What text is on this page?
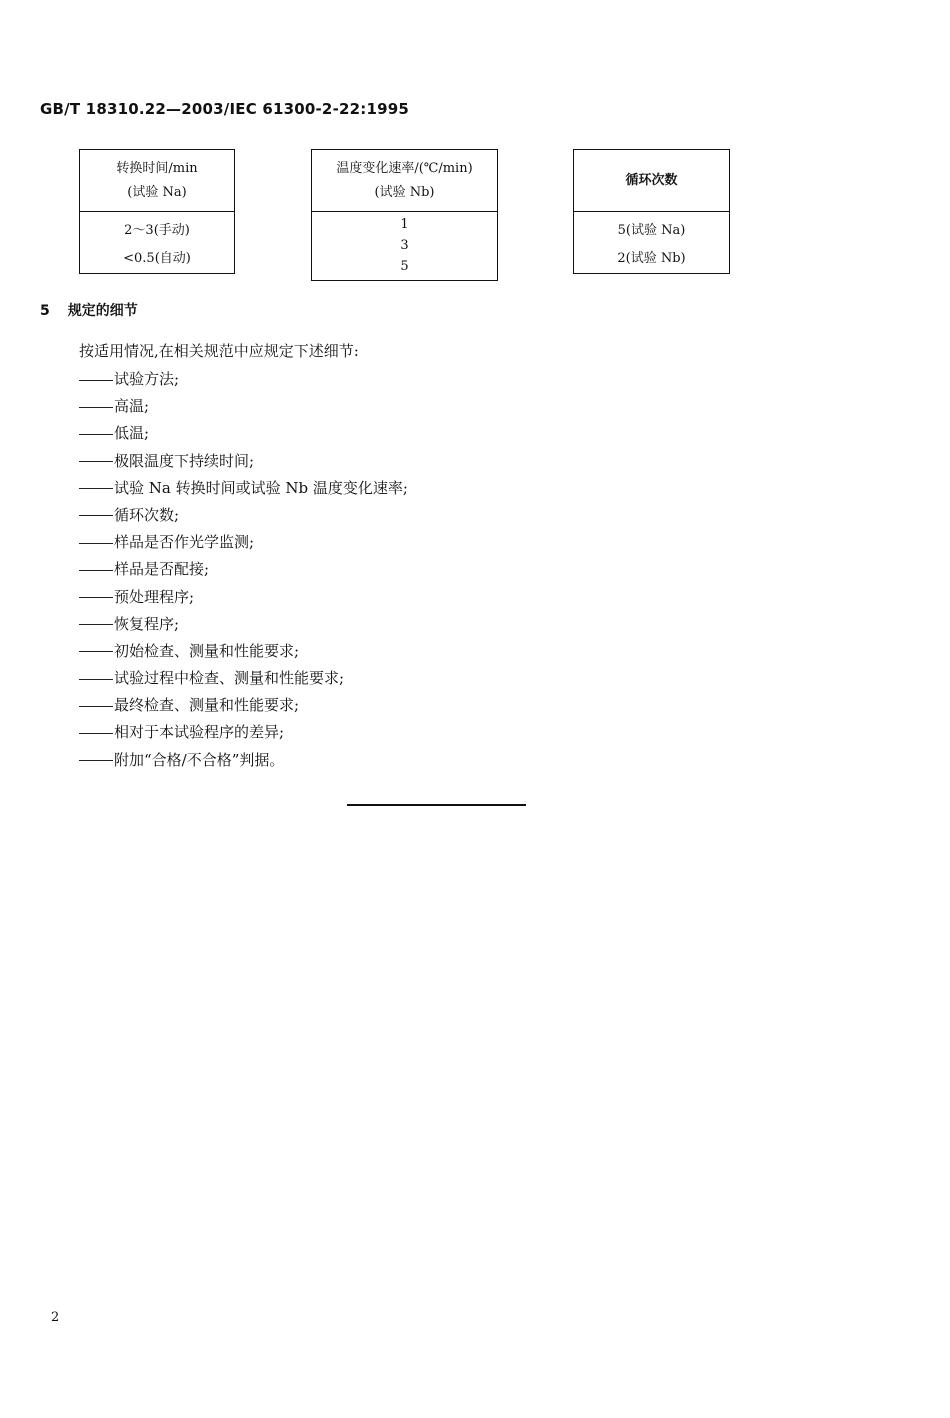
GB/T 18310.22—2003/IEC 61300-2-22:1995
转换时间/min
(试验 Na)
2～3(手动)
<0.5(自动)
温度变化速率/(℃/min)
(试验 Nb)
1
3
5
循环次数
5(试验 Na)
2(试验 Nb)
5 规定的细节
按适用情况,在相关规范中应规定下述细节:
试验方法;
高温;
低温;
极限温度下持续时间;
试验 Na 转换时间或试验 Nb 温度变化速率;
循环次数;
样品是否作光学监测;
样品是否配接;
预处理程序;
恢复程序;
初始检查、测量和性能要求;
试验过程中检查、测量和性能要求;
最终检查、测量和性能要求;
相对于本试验程序的差异;
附加“合格/不合格”判据。
2
